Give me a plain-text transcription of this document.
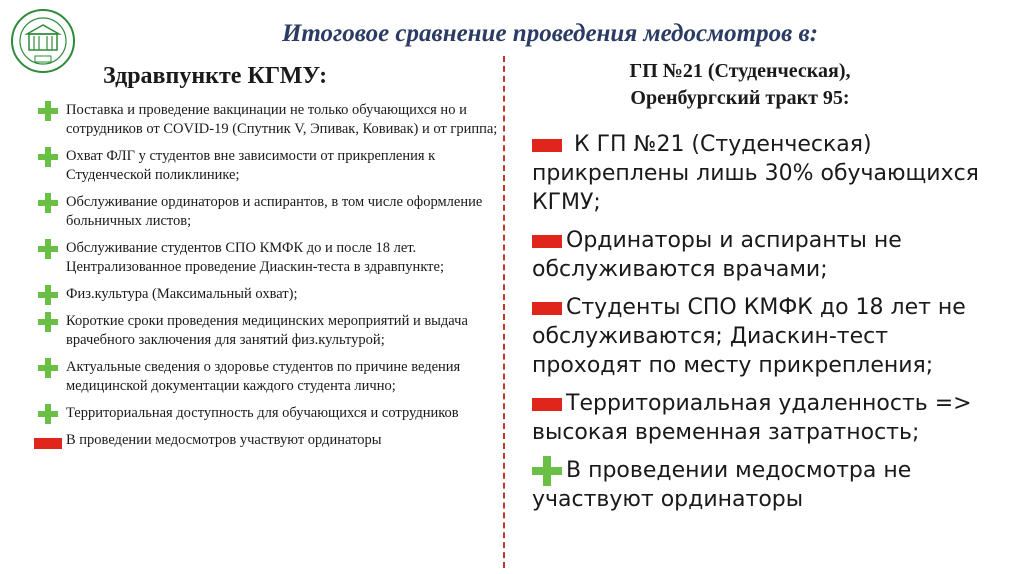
Итоговое сравнение проведения медосмотров в:
Здравпункте КГМУ:	ГП №21 (Студенческая),
Оренбургский тракт 95:
Поставка и проведение вакцинации не только обучающихся но и сотрудников от COVID-19 (Спутник V, Эпивак, Ковивак) и от гриппа;
Охват ФЛГ у студентов вне зависимости от прикрепления к Студенческой поликлинике;
Обслуживание ординаторов и аспирантов, в том числе оформление больничных листов;
Обслуживание студентов СПО КМФК до и после 18 лет. Централизованное проведение Диаскин-теста в здравпункте;
Физ.культура (Максимальный охват);
Короткие сроки проведения медицинских мероприятий и выдача врачебного заключения для занятий физ.культурой;
Актуальные сведения о здоровье студентов по причине ведения медицинской документации каждого студента лично;
Территориальная доступность для обучающихся и сотрудников
В проведении медосмотров участвуют ординаторы
К ГП №21 (Студенческая) прикреплены лишь 30% обучающихся КГМУ;
Ординаторы и аспиранты не обслуживаются врачами;
Студенты СПО КМФК до 18 лет не обслуживаются; Диаскин-тест проходят по месту прикрепления;
Территориальная удаленность => высокая временная затратность;
В проведении медосмотра не участвуют ординаторы
